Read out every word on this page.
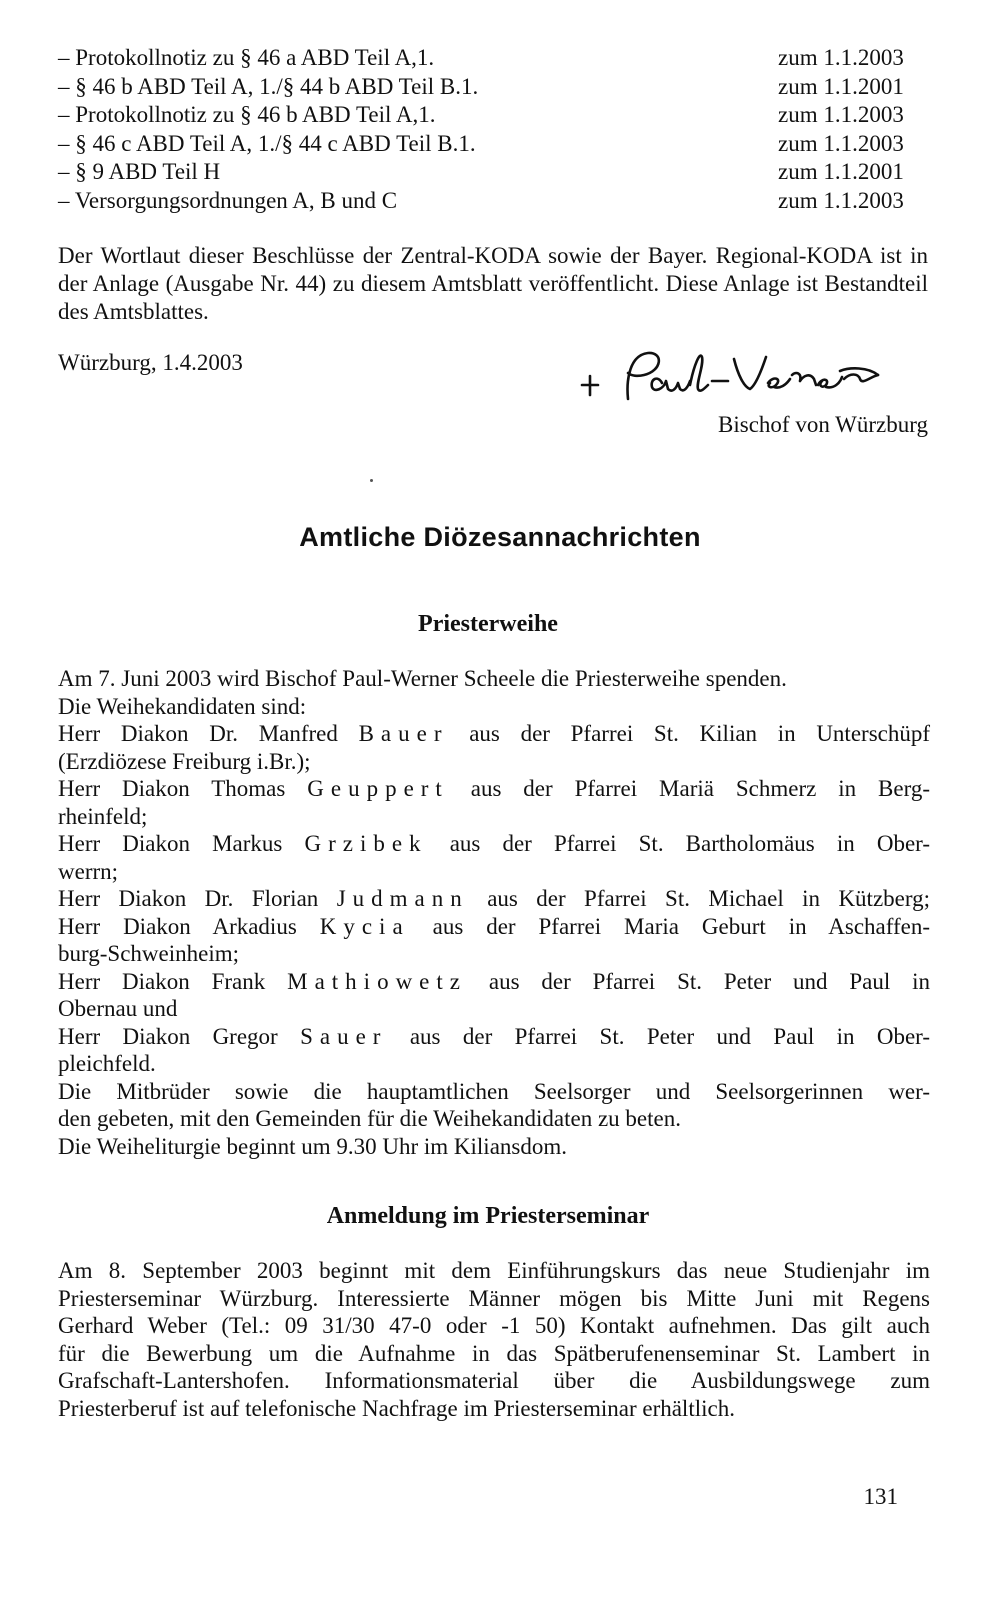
– Protokollnotiz zu § 46 a ABD Teil A,1.	zum 1.1.2003
– § 46 b ABD Teil A, 1./§ 44 b ABD Teil B.1.	zum 1.1.2001
– Protokollnotiz zu § 46 b ABD Teil A,1.	zum 1.1.2003
– § 46 c ABD Teil A, 1./§ 44 c ABD Teil B.1.	zum 1.1.2003
– § 9 ABD Teil H	zum 1.1.2001
– Versorgungsordnungen A, B und C	zum 1.1.2003
Der Wortlaut dieser Beschlüsse der Zentral-KODA sowie der Bayer. Regional-KODA ist in der Anlage (Ausgabe Nr. 44) zu diesem Amtsblatt veröffentlicht. Diese Anlage ist Bestandteil des Amtsblattes.
Würzburg, 1.4.2003
Bischof von Würzburg
Amtliche Diözesannachrichten
Priesterweihe
Am 7. Juni 2003 wird Bischof Paul-Werner Scheele die Priesterweihe spenden.
Die Weihekandidaten sind:
Herr Diakon Dr. Manfred Bauer aus der Pfarrei St. Kilian in Unterschüpf
(Erzdiözese Freiburg i.Br.);
Herr Diakon Thomas Geuppert aus der Pfarrei Mariä Schmerz in Berg-
rheinfeld;
Herr Diakon Markus Grzibek aus der Pfarrei St. Bartholomäus in Ober-
werrn;
Herr Diakon Dr. Florian Judmann aus der Pfarrei St. Michael in Kützberg;
Herr Diakon Arkadius Kycia aus der Pfarrei Maria Geburt in Aschaffen-
burg-Schweinheim;
Herr Diakon Frank Mathiowetz aus der Pfarrei St. Peter und Paul in
Obernau und
Herr Diakon Gregor Sauer aus der Pfarrei St. Peter und Paul in Ober-
pleichfeld.
Die Mitbrüder sowie die hauptamtlichen Seelsorger und Seelsorgerinnen wer-
den gebeten, mit den Gemeinden für die Weihekandidaten zu beten.
Die Weiheliturgie beginnt um 9.30 Uhr im Kiliansdom.
Anmeldung im Priesterseminar
Am 8. September 2003 beginnt mit dem Einführungskurs das neue Studienjahr im
Priesterseminar Würzburg. Interessierte Männer mögen bis Mitte Juni mit Regens
Gerhard Weber (Tel.: 09 31/30 47-0 oder -1 50) Kontakt aufnehmen. Das gilt auch
für die Bewerbung um die Aufnahme in das Spätberufenenseminar St. Lambert in
Grafschaft-Lantershofen. Informationsmaterial über die Ausbildungswege zum
Priesterberuf ist auf telefonische Nachfrage im Priesterseminar erhältlich.
131
